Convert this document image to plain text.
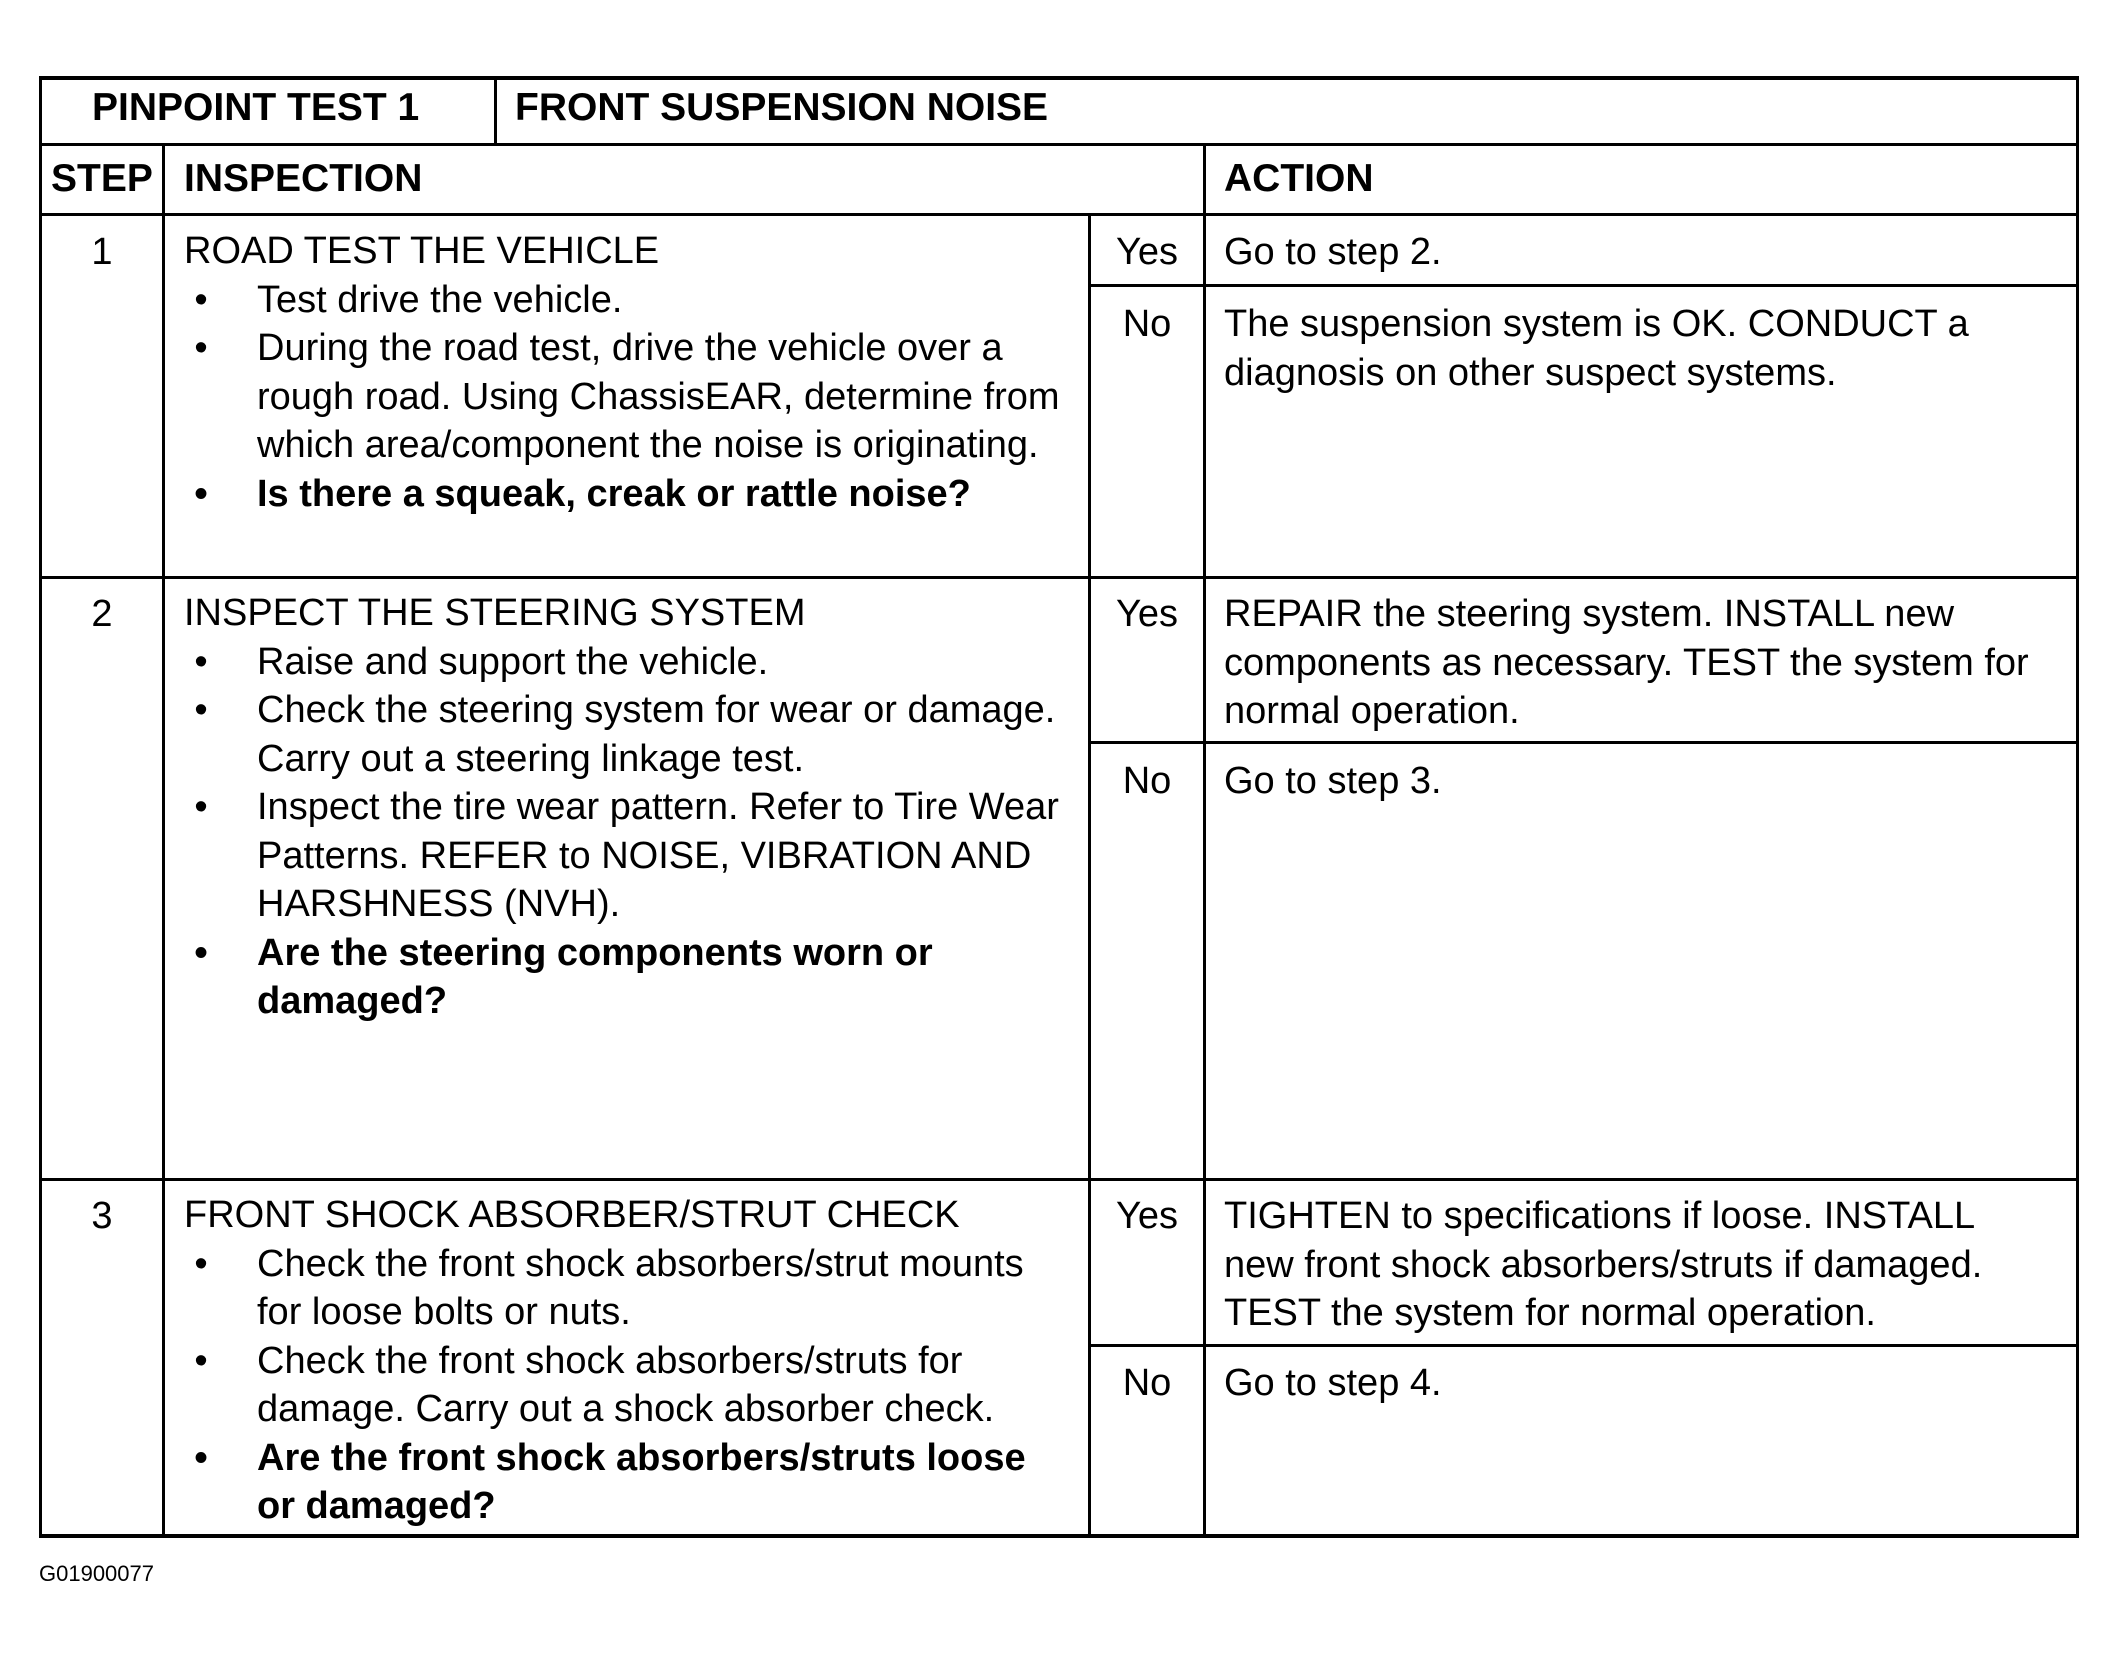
PINPOINT TEST 1 FRONT SUSPENSION NOISE
STEP INSPECTION	ACTION
1	ROAD TEST THE VEHICLE
• Test drive the vehicle.
• During the road test, drive the vehicle over a rough road. Using ChassisEAR, determine from which area/component the noise is originating.
• Is there a squeak, creak or rattle noise?
Yes	Go to step 2.
No	The suspension system is OK. CONDUCT a diagnosis on other suspect systems.
2	INSPECT THE STEERING SYSTEM
• Raise and support the vehicle.
• Check the steering system for wear or damage. Carry out a steering linkage test.
• Inspect the tire wear pattern. Refer to Tire Wear Patterns. REFER to NOISE, VIBRATION AND HARSHNESS (NVH).
• Are the steering components worn or damaged?
Yes	REPAIR the steering system. INSTALL new components as necessary. TEST the system for normal operation.
No	Go to step 3.
3	FRONT SHOCK ABSORBER/STRUT CHECK
• Check the front shock absorbers/strut mounts for loose bolts or nuts.
• Check the front shock absorbers/struts for damage. Carry out a shock absorber check.
• Are the front shock absorbers/struts loose or damaged?
Yes	TIGHTEN to specifications if loose. INSTALL new front shock absorbers/struts if damaged. TEST the system for normal operation.
No	Go to step 4.
G01900077
